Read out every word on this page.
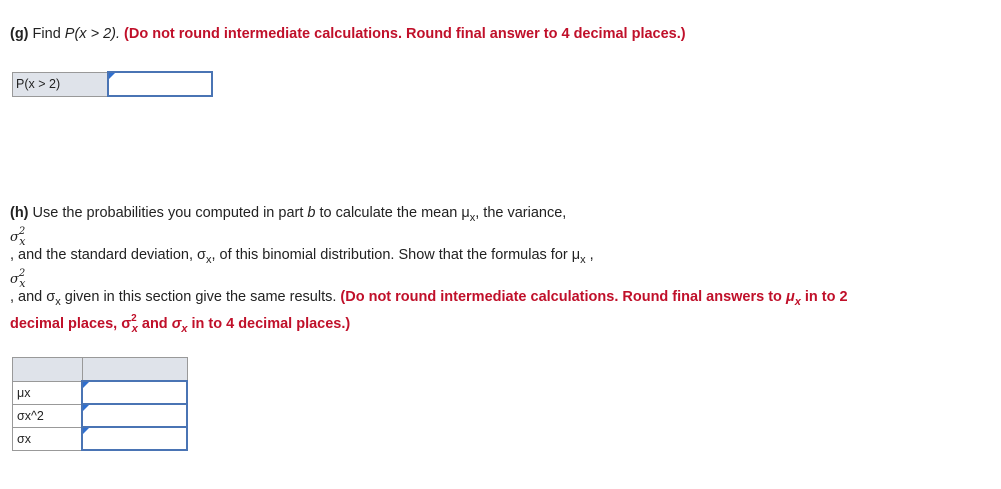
(g) Find P(x > 2). (Do not round intermediate calculations. Round final answer to 4 decimal places.)
P(x > 2)	
(h) Use the probabilities you computed in part b to calculate the mean $\mu_x$, the variance,
$\sigma^2_x$
, and the standard deviation, $\sigma_x$, of this binomial distribution. Show that the formulas for $\mu_x$ ,
$\sigma^2_x$
, and $\sigma_x$ given in this section give the same results. (Do not round intermediate calculations. Round final answers to $\mu_x$ in to 2
decimal places, $\sigma^2_x$ and $\sigma_x$ in to 4 decimal places.)

μx	

σx^2	

σx	
